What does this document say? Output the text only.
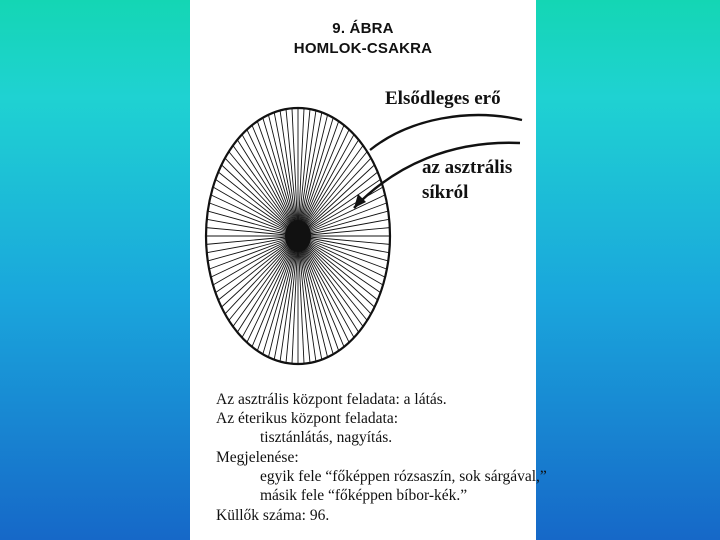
9. ÁBRA
HOMLOK-CSAKRA
Elsődleges erő
az asztrális
síkról
Az asztrális központ feladata: a látás.
Az éterikus központ feladata:
tisztánlátás, nagyítás.
Megjelenése:
egyik fele “főképpen rózsaszín, sok sárgával,”
másik fele “főképpen bíbor-kék.”
Küllők száma: 96.
